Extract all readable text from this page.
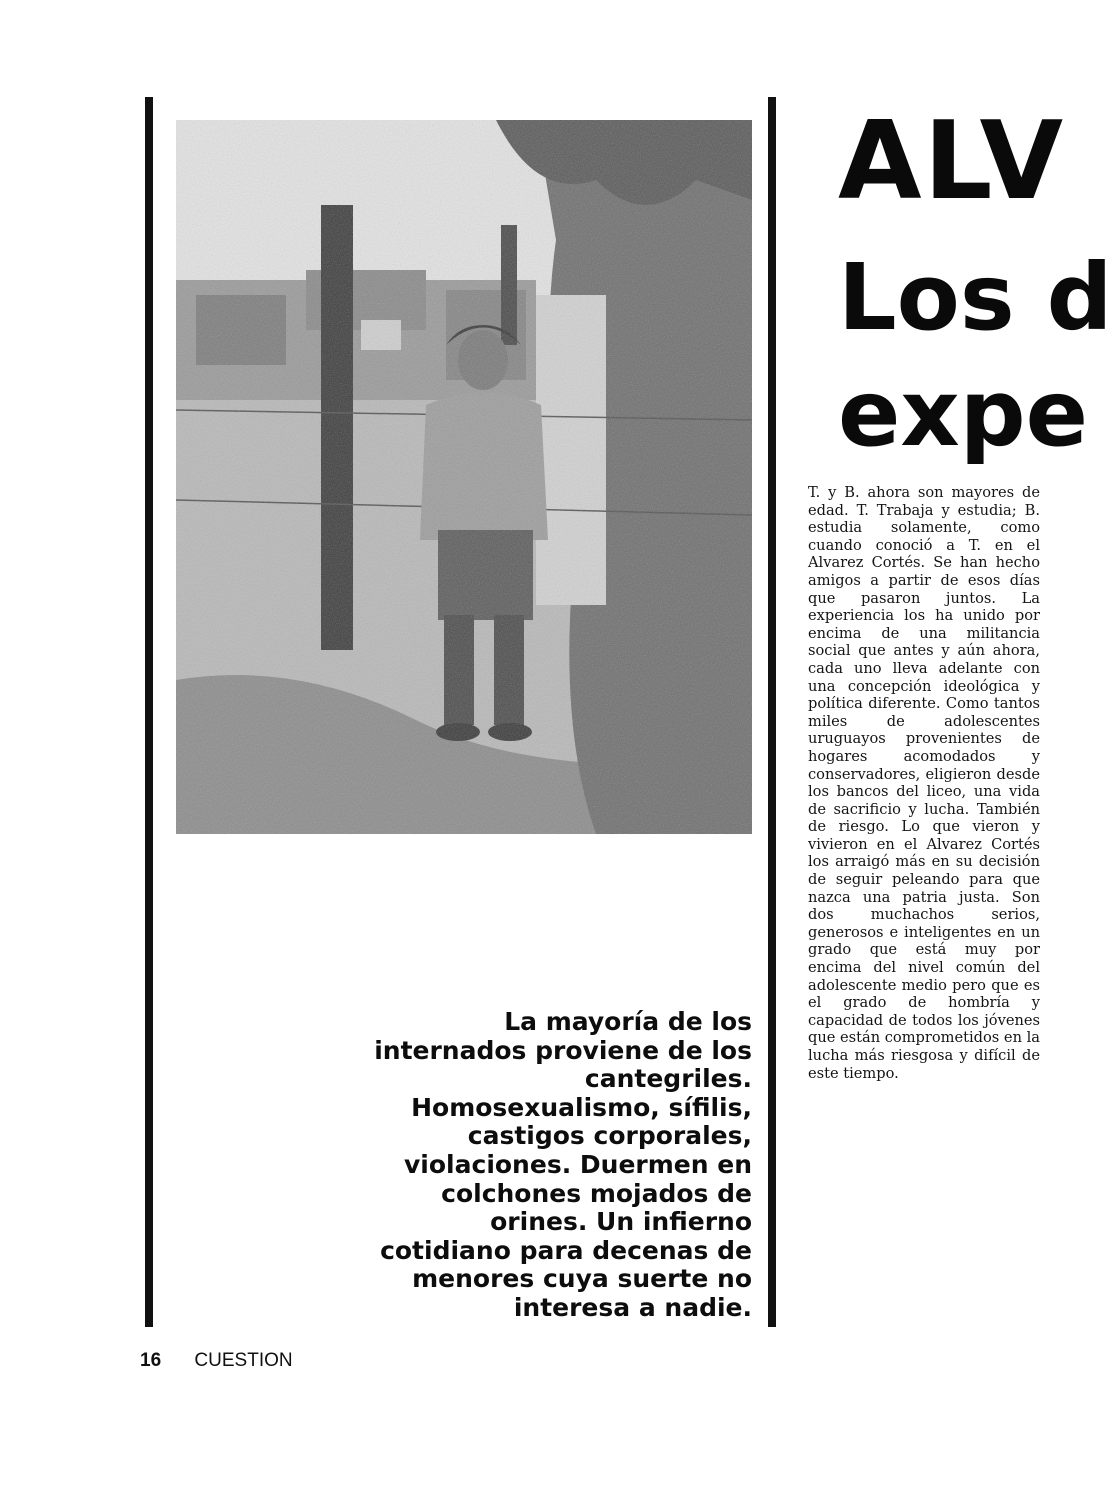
ALV
Los d
expe

T. y B. ahora son mayores de edad. T. Trabaja y estudia; B. estudia solamente, como cuando conoció a T. en el Alvarez Cortés. Se han hecho amigos a partir de esos días que pasaron juntos. La experiencia los ha unido por encima de una militancia social que antes y aún ahora, cada uno lleva adelante con una concepción ideológica y política diferente. Como tantos miles de adolescentes uruguayos provenientes de hogares acomodados y conservadores, eligieron desde los bancos del liceo, una vida de sacrificio y lucha. También de riesgo. Lo que vieron y vivieron en el Alvarez Cortés los arraigó más en su decisión de seguir peleando para que nazca una patria justa. Son dos muchachos serios, generosos e inteligentes en un grado que está muy por encima del nivel común del adolescente medio pero que es el grado de hombría y capacidad de todos los jóvenes que están comprometidos en la lucha más riesgosa y difícil de este tiempo.

La mayoría de los internados proviene de los cantegriles. Homosexualismo, sífilis, castigos corporales, violaciones. Duermen en colchones mojados de orines. Un infierno cotidiano para decenas de menores cuya suerte no interesa a nadie.

16 CUESTION
